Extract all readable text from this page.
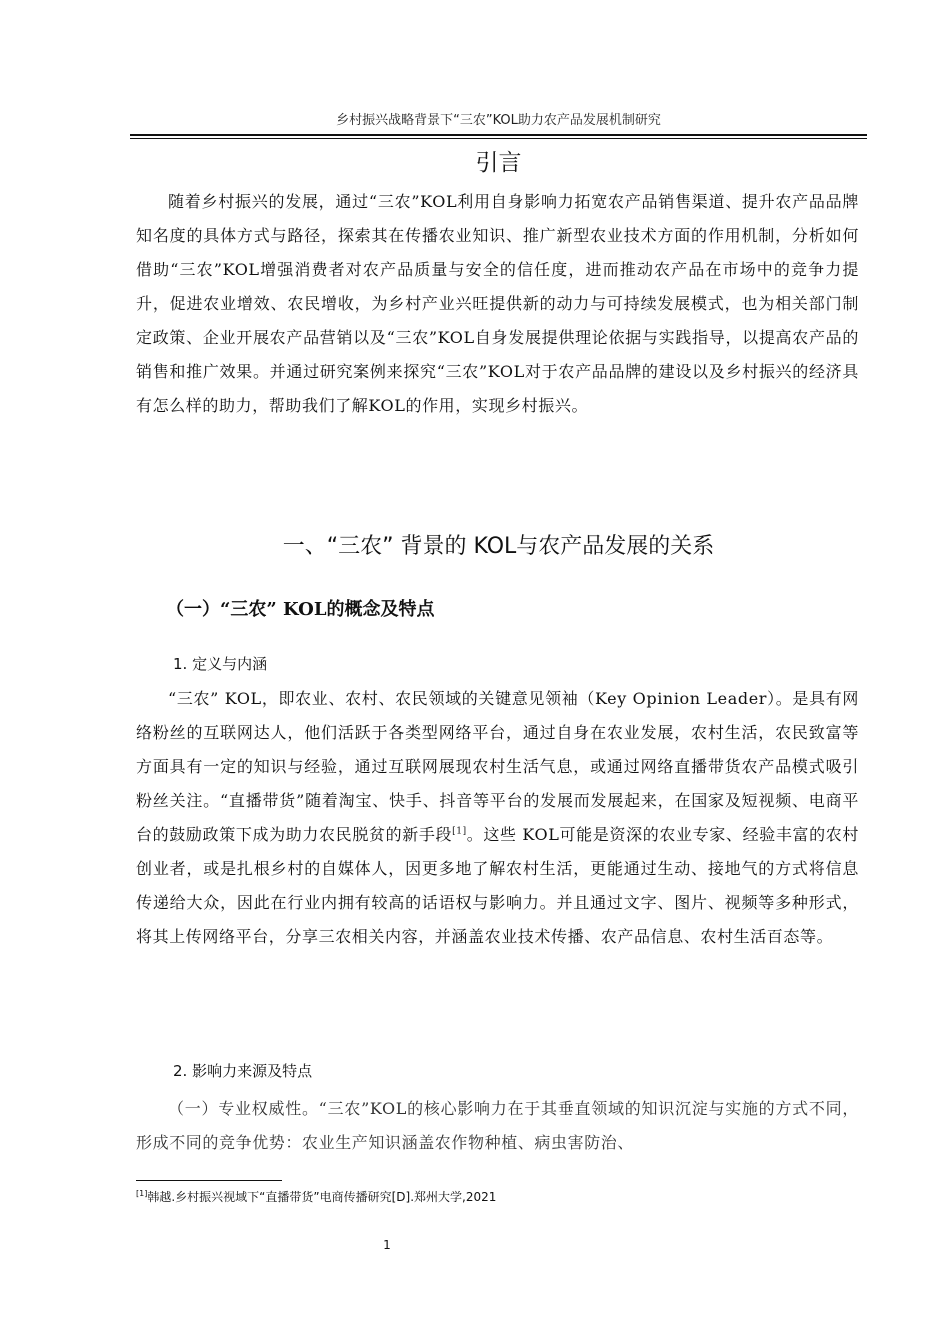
乡村振兴战略背景下“三农”KOL助力农产品发展机制研究
引言

随着乡村振兴的发展，通过“三农”KOL利用自身影响力拓宽农产品销售渠道、提升农产品品牌知名度的具体方式与路径，探索其在传播农业知识、推广新型农业技术方面的作用机制，分析如何借助“三农”KOL增强消费者对农产品质量与安全的信任度，进而推动农产品在市场中的竞争力提升，促进农业增效、农民增收，为乡村产业兴旺提供新的动力与可持续发展模式，也为相关部门制定政策、企业开展农产品营销以及“三农”KOL自身发展提供理论依据与实践指导，以提高农产品的销售和推广效果。并通过研究案例来探究“三农”KOL对于农产品品牌的建设以及乡村振兴的经济具有怎么样的助力，帮助我们了解KOL的作用，实现乡村振兴。

一、“三农” 背景的 KOL与农产品发展的关系
（一）“三农” KOL的概念及特点
1. 定义与内涵

“三农” KOL，即农业、农村、农民领域的关键意见领袖（Key Opinion Leader）。是具有网络粉丝的互联网达人，他们活跃于各类型网络平台，通过自身在农业发展，农村生活，农民致富等方面具有一定的知识与经验，通过互联网展现农村生活气息，或通过网络直播带货农产品模式吸引粉丝关注。“直播带货”随着淘宝、快手、抖音等平台的发展而发展起来，在国家及短视频、电商平台的鼓励政策下成为助力农民脱贫的新手段[1]。这些 KOL可能是资深的农业专家、经验丰富的农村创业者，或是扎根乡村的自媒体人，因更多地了解农村生活，更能通过生动、接地气的方式将信息传递给大众，因此在行业内拥有较高的话语权与影响力。并且通过文字、图片、视频等多种形式，将其上传网络平台，分享三农相关内容，并涵盖农业技术传播、农产品信息、农村生活百态等。

2. 影响力来源及特点

（一）专业权威性。“三农”KOL的核心影响力在于其垂直领域的知识沉淀与实施的方式不同，形成不同的竞争优势：农业生产知识涵盖农作物种植、病虫害防治、

[1]韩越.乡村振兴视域下“直播带货”电商传播研究[D].郑州大学,2021
1
